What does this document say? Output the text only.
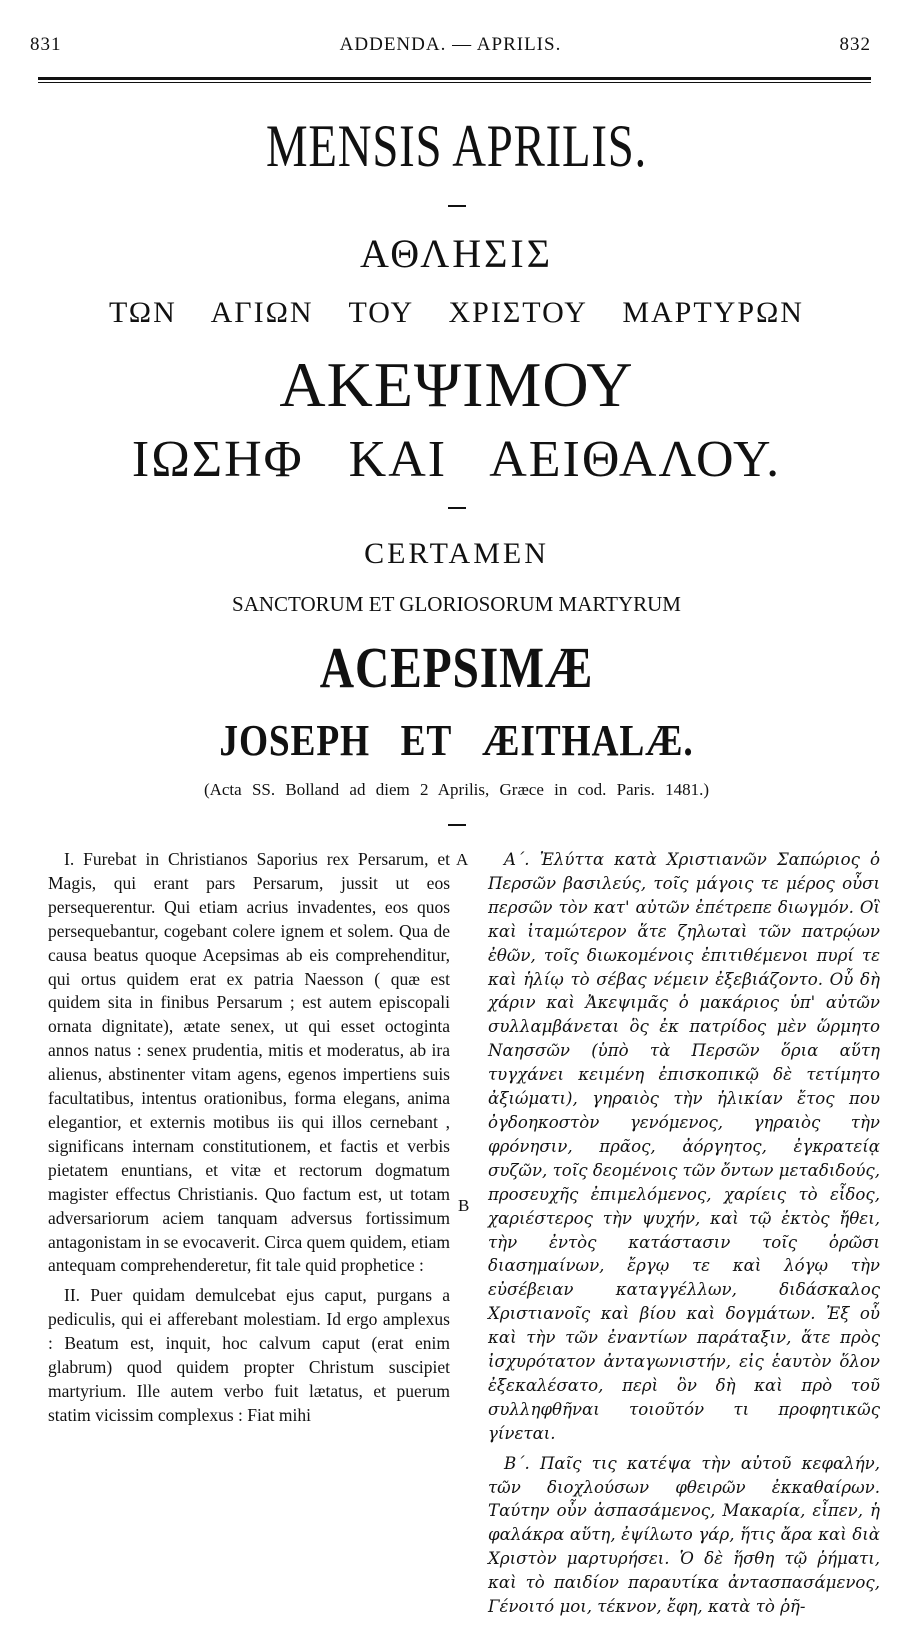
831	ADDENDA. — APRILIS.	832
MENSIS APRILIS.
ΑΘΛΗΣΙΣ
ΤΩΝ ΑΓΙΩΝ ΤΟΥ ΧΡΙΣΤΟΥ ΜΑΡΤΥΡΩΝ
ΑΚΕΨΙΜΟΥ
ΙΩΣΗΦ ΚΑΙ ΑΕΙΘΑΛΟΥ.
CERTAMEN
SANCTORUM ET GLORIOSORUM MARTYRUM
ACEPSIMÆ
JOSEPH ET ÆITHALÆ.
(Acta SS. Bolland ad diem 2 Aprilis, Græce in cod. Paris. 1481.)

I. Furebat in Christianos Saporius rex Persarum, et Magis, qui erant pars Persarum, jussit ut eos persequerentur. Qui etiam acrius invadentes, eos quos persequebantur, cogebant colere ignem et solem. Qua de causa beatus quoque Acepsimas ab eis comprehenditur, qui ortus quidem erat ex patria Naesson ( quæ est quidem sita in finibus Persarum ; est autem episcopali ornata dignitate), ætate senex, ut qui esset octoginta annos natus : senex prudentia, mitis et moderatus, ab ira alienus, abstinenter vitam agens, egenos impertiens suis facultatibus, intentus orationibus, forma elegans, anima elegantior, et externis motibus iis qui illos cernebant , significans internam constitutionem, et factis et verbis pietatem enuntians, et vitæ et rectorum dogmatum magister effectus Christianis. Quo factum est, ut totam adversariorum aciem tanquam adversus fortissimum antagonistam in se evocaverit. Circa quem quidem, etiam antequam comprehenderetur, fit tale quid prophetice :

II. Puer quidam demulcebat ejus caput, purgans a pediculis, qui ei afferebant molestiam. Id ergo amplexus : Beatum est, inquit, hoc calvum caput (erat enim glabrum) quod quidem propter Christum suscipiet martyrium. Ille autem verbo fuit lætatus, et puerum statim vicissim complexus : Fiat mihi

A
B

Α΄. Ἐλύττα κατὰ Χριστιανῶν Σαπώριος ὁ Περσῶν βασιλεύς, τοῖς μάγοις τε μέρος οὖσι περσῶν τὸν κατ' αὐτῶν ἐπέτρεπε διωγμόν. Οἳ καὶ ἰταμώτερον ἅτε ζηλωταὶ τῶν πατρῴων ἐθῶν, τοῖς διωκομένοις ἐπιτιθέμενοι πυρί τε καὶ ἡλίῳ τὸ σέβας νέμειν ἐξεβιάζοντο. Οὗ δὴ χάριν καὶ Ἀκεψιμᾶς ὁ μακάριος ὑπ' αὐτῶν συλλαμβάνεται ὃς ἐκ πατρίδος μὲν ὥρμητο Ναησσῶν (ὑπὸ τὰ Περσῶν ὅρια αὕτη τυγχάνει κειμένη ἐπισκοπικῷ δὲ τετίμητο ἀξιώματι), γηραιὸς τὴν ἡλικίαν ἔτος που ὀγδοηκοστὸν γενόμενος, γηραιὸς τὴν φρόνησιν, πρᾶος, ἀόργητος, ἐγκρατείᾳ συζῶν, τοῖς δεομένοις τῶν ὄντων μεταδιδούς, προσευχῆς ἐπιμελόμενος, χαρίεις τὸ εἶδος, χαριέστερος τὴν ψυχήν, καὶ τῷ ἐκτὸς ἤθει, τὴν ἐντὸς κατάστασιν τοῖς ὁρῶσι διασημαίνων, ἔργῳ τε καὶ λόγῳ τὴν εὐσέβειαν καταγγέλλων, διδάσκαλος Χριστιανοῖς καὶ βίου καὶ δογμάτων. Ἐξ οὗ καὶ τὴν τῶν ἐναντίων παράταξιν, ἅτε πρὸς ἰσχυρότατον ἀνταγωνιστήν, εἰς ἑαυτὸν ὅλον ἐξεκαλέσατο, περὶ ὃν δὴ καὶ πρὸ τοῦ συλληφθῆναι τοιοῦτόν τι προφητικῶς γίνεται.

Β΄. Παῖς τις κατέψα τὴν αὐτοῦ κεφαλήν, τῶν διοχλούσων φθειρῶν ἐκκαθαίρων. Ταύτην οὖν ἀσπασάμενος, Μακαρία, εἶπεν, ἡ φαλάκρα αὕτη, ἐψίλωτο γάρ, ἥτις ἄρα καὶ διὰ Χριστὸν μαρτυρήσει. Ὁ δὲ ἥσθη τῷ ῥήματι, καὶ τὸ παιδίον παραυτίκα ἀντασπασάμενος, Γένοιτό μοι, τέκνον, ἔφη, κατὰ τὸ ῥῆ-
